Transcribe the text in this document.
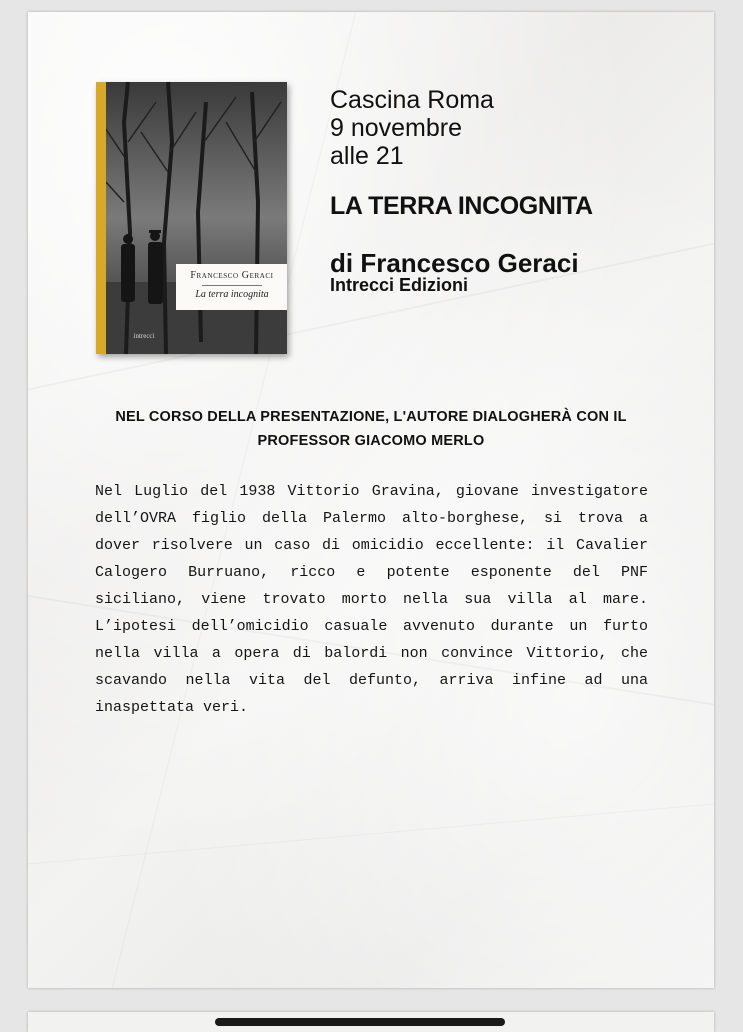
Francesco Geraci
La terra incognita
intrecci
Cascina Roma
9 novembre
alle 21
LA TERRA INCOGNITA
di Francesco Geraci
Intrecci Edizioni
NEL CORSO DELLA PRESENTAZIONE, L'AUTORE DIALOGHERÀ CON IL PROFESSOR GIACOMO MERLO
Nel Luglio del 1938 Vittorio Gravina, giovane investigatore dell’OVRA figlio della Palermo alto-borghese, si trova a dover risolvere un caso di omicidio eccellente: il Cavalier Calogero Burruano, ricco e potente esponente del PNF siciliano, viene trovato morto nella sua villa al mare. L’ipotesi dell’omicidio casuale avvenuto durante un furto nella villa a opera di balordi non convince Vittorio, che scavando nella vita del defunto, arriva infine ad una inaspettata veri.
